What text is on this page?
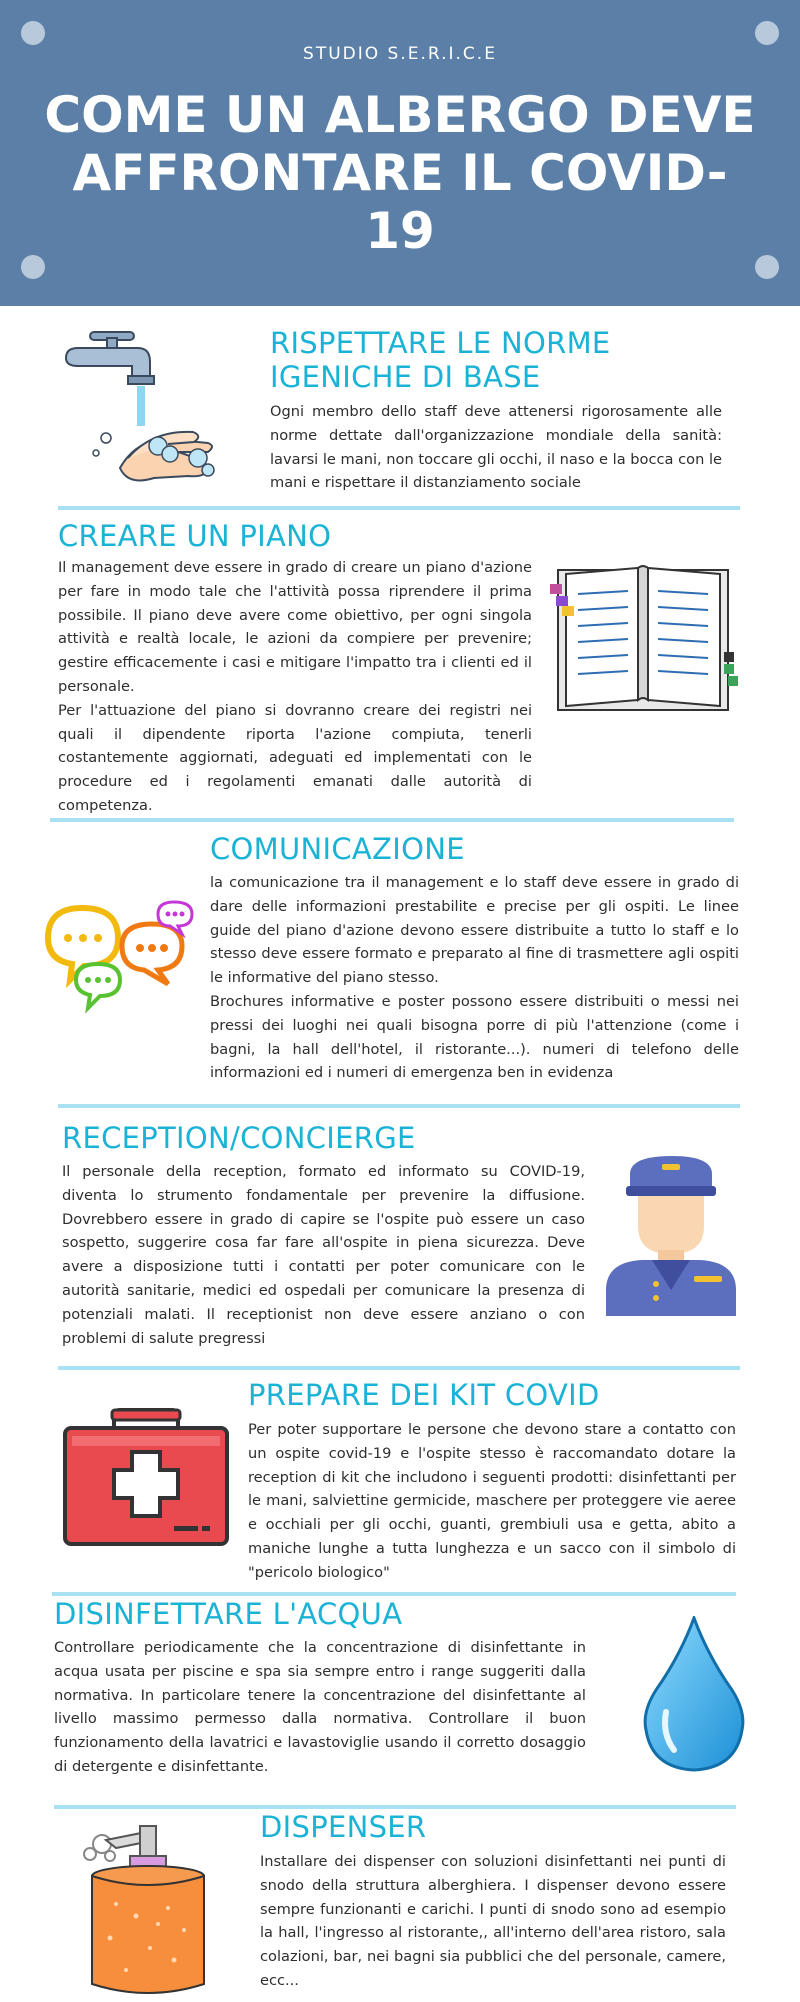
STUDIO S.E.R.I.C.E
COME UN ALBERGO DEVE AFFRONTARE IL COVID-19
RISPETTARE LE NORME IGENICHE DI BASE

Ogni membro dello staff deve attenersi rigorosamente alle norme dettate dall'organizzazione mondiale della sanità: lavarsi le mani, non toccare gli occhi, il naso e la bocca con le mani e rispettare il distanziamento sociale

CREARE UN PIANO

Il management deve essere in grado di creare un piano d'azione per fare in modo tale che l'attività possa riprendere il prima possibile. Il piano deve avere come obiettivo, per ogni singola attività e realtà locale, le azioni da compiere per prevenire; gestire efficacemente i casi e mitigare l'impatto tra i clienti ed il personale.

Per l'attuazione del piano si dovranno creare dei registri nei quali il dipendente riporta l'azione compiuta, tenerli costantemente aggiornati, adeguati ed implementati con le procedure ed i regolamenti emanati dalle autorità di competenza.

COMUNICAZIONE

la comunicazione tra il management e lo staff deve essere in grado di dare delle informazioni prestabilite e precise per gli ospiti. Le linee guide del piano d'azione devono essere distribuite a tutto lo staff e lo stesso deve essere formato e preparato al fine di trasmettere agli ospiti le informative del piano stesso.

Brochures informative e poster possono essere distribuiti o messi nei pressi dei luoghi nei quali bisogna porre di più l'attenzione (come i bagni, la hall dell'hotel, il ristorante...). numeri di telefono delle informazioni ed i numeri di emergenza ben in evidenza

RECEPTION/CONCIERGE

Il personale della reception, formato ed informato su COVID-19, diventa lo strumento fondamentale per prevenire la diffusione. Dovrebbero essere in grado di capire se l'ospite può essere un caso sospetto, suggerire cosa far fare all'ospite in piena sicurezza. Deve avere a disposizione tutti i contatti per poter comunicare con le autorità sanitarie, medici ed ospedali per comunicare la presenza di potenziali malati. Il receptionist non deve essere anziano o con problemi di salute pregressi

PREPARE DEI KIT COVID

Per poter supportare le persone che devono stare a contatto con un ospite covid-19 e l'ospite stesso è raccomandato dotare la reception di kit che includono i seguenti prodotti: disinfettanti per le mani, salviettine germicide, maschere per proteggere vie aeree e occhiali per gli occhi, guanti, grembiuli usa e getta, abito a maniche lunghe a tutta lunghezza e un sacco con il simbolo di "pericolo biologico"

DISINFETTARE L'ACQUA

Controllare periodicamente che la concentrazione di disinfettante in acqua usata per piscine e spa sia sempre entro i range suggeriti dalla normativa. In particolare tenere la concentrazione del disinfettante al livello massimo permesso dalla normativa. Controllare il buon funzionamento della lavatrici e lavastoviglie usando il corretto dosaggio di detergente e disinfettante.

DISPENSER

Installare dei dispenser con soluzioni disinfettanti nei punti di snodo della struttura alberghiera. I dispenser devono essere sempre funzionanti e carichi. I punti di snodo sono ad esempio la hall, l'ingresso al ristorante,, all'interno dell'area ristoro, sala colazioni, bar, nei bagni sia pubblici che del personale, camere, ecc...
